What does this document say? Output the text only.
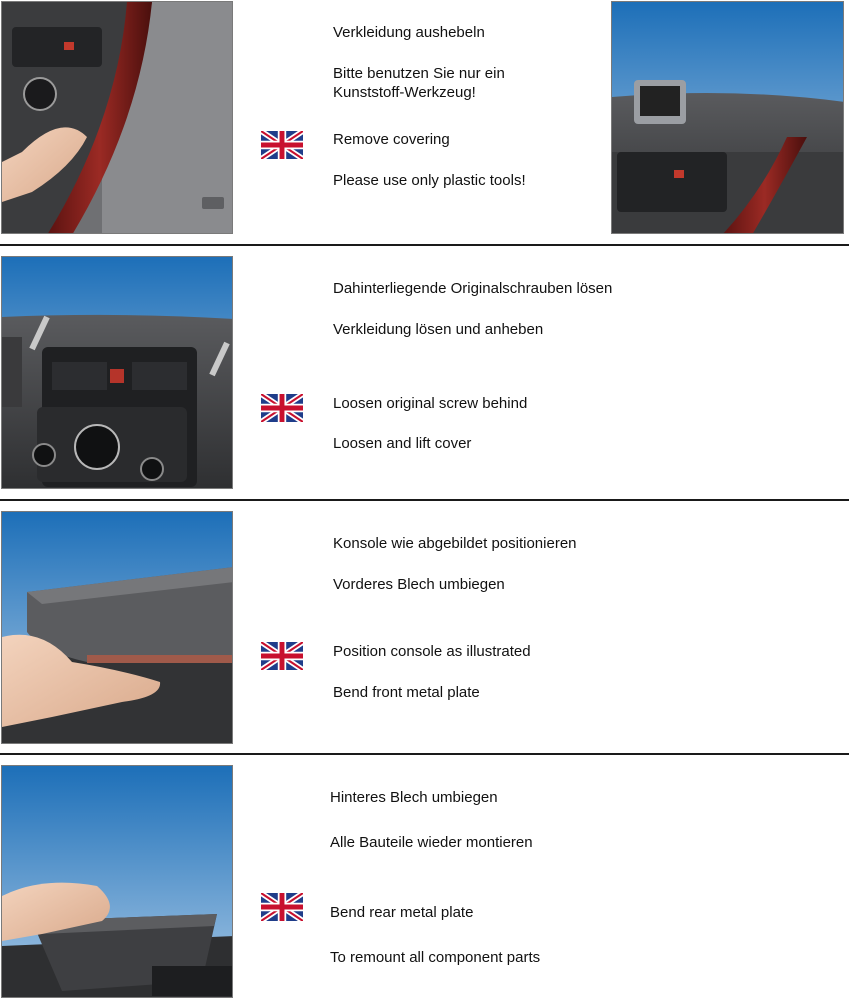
Verkleidung aushebeln
Bitte benutzen Sie nur ein
Kunststoff-Werkzeug!
Remove covering
Please use only plastic tools!
Dahinterliegende Originalschrauben lösen
Verkleidung lösen und anheben
Loosen original screw behind
Loosen and lift cover
Konsole wie abgebildet positionieren
Vorderes Blech umbiegen
Position console as illustrated
Bend front metal plate
Hinteres Blech umbiegen
Alle Bauteile wieder montieren
Bend rear metal plate
To remount all component parts
